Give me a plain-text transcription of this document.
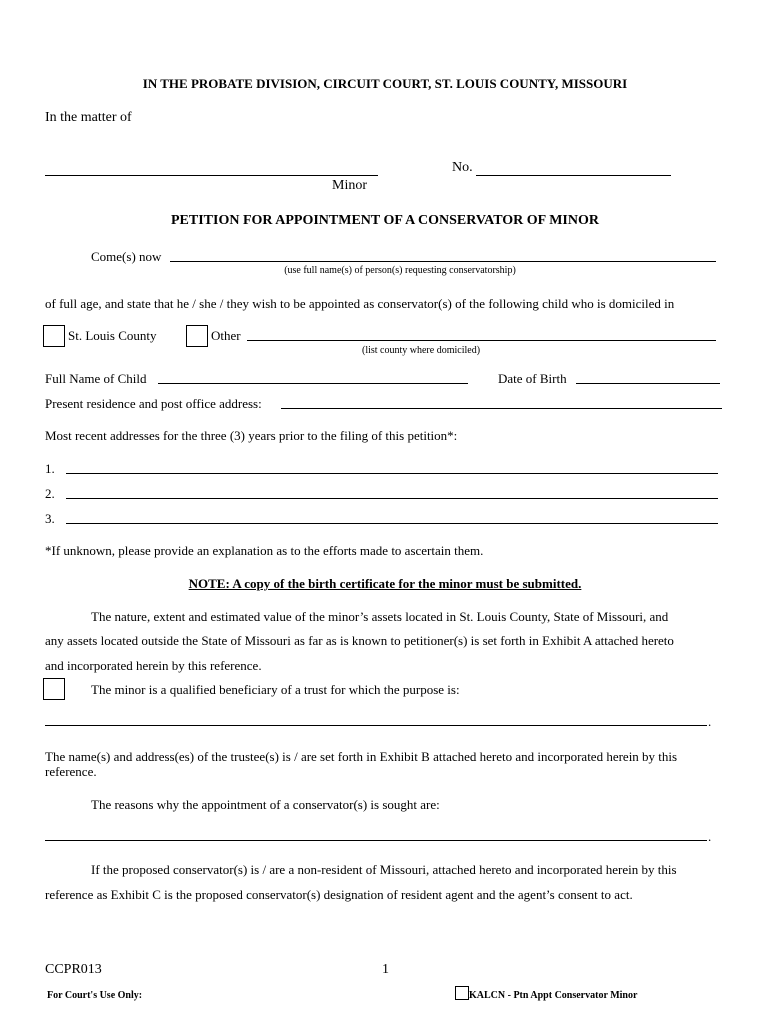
IN THE PROBATE DIVISION, CIRCUIT COURT, ST. LOUIS COUNTY, MISSOURI
In the matter of
Minor
No.
PETITION FOR APPOINTMENT OF A CONSERVATOR OF MINOR
Come(s) now
(use full name(s) of person(s) requesting conservatorship)
of full age, and state that he / she / they wish to be appointed as conservator(s) of the following child who is domiciled in
St. Louis County	Other
(list county where domiciled)
Full Name of Child	Date of Birth
Present residence and post office address:
Most recent addresses for the three (3) years prior to the filing of this petition*:
1.
2.
3.
*If unknown, please provide an explanation as to the efforts made to ascertain them.
NOTE: A copy of the birth certificate for the minor must be submitted.
The nature, extent and estimated value of the minor’s assets located in St. Louis County, State of Missouri, and
any assets located outside the State of Missouri as far as is known to petitioner(s) is set forth in Exhibit A attached hereto
and incorporated herein by this reference.
The minor is a qualified beneficiary of a trust for which the purpose is:
.
The name(s) and address(es) of the trustee(s) is / are set forth in Exhibit B attached hereto and incorporated herein by this
reference.
The reasons why the appointment of a conservator(s) is sought are:
.
If the proposed conservator(s) is / are a non-resident of Missouri, attached hereto and incorporated herein by this
reference as Exhibit C is the proposed conservator(s) designation of resident agent and the agent’s consent to act.
CCPR013	1
For Court's Use Only:	KALCN - Ptn Appt Conservator Minor
